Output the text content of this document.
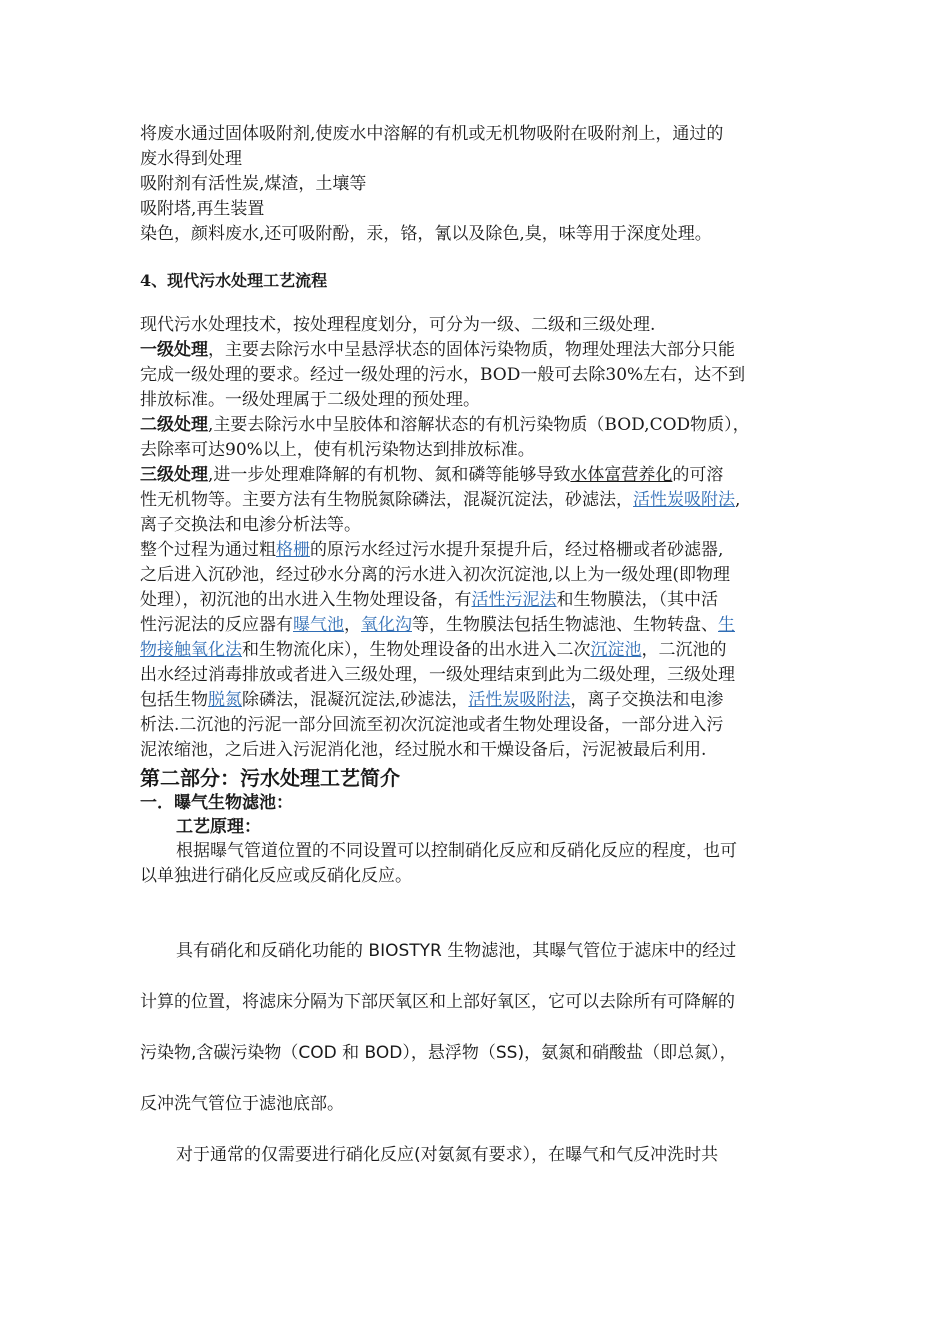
将废水通过固体吸附剂,使废水中溶解的有机或无机物吸附在吸附剂上，通过的
废水得到处理
吸附剂有活性炭,煤渣，土壤等
吸附塔,再生装置
染色，颜料废水,还可吸附酚，汞，铬，氰以及除色,臭，味等用于深度处理。
4、现代污水处理工艺流程
现代污水处理技术，按处理程度划分，可分为一级、二级和三级处理.
一级处理，主要去除污水中呈悬浮状态的固体污染物质，物理处理法大部分只能
完成一级处理的要求。经过一级处理的污水，BOD一般可去除30%左右，达不到
排放标准。一级处理属于二级处理的预处理。
二级处理,主要去除污水中呈胶体和溶解状态的有机污染物质（BOD,COD物质），
去除率可达90%以上，使有机污染物达到排放标准。
三级处理,进一步处理难降解的有机物、氮和磷等能够导致水体富营养化的可溶
性无机物等。主要方法有生物脱氮除磷法，混凝沉淀法，砂滤法，活性炭吸附法,
离子交换法和电渗分析法等。
整个过程为通过粗格栅的原污水经过污水提升泵提升后，经过格栅或者砂滤器,
之后进入沉砂池，经过砂水分离的污水进入初次沉淀池,以上为一级处理(即物理
处理），初沉池的出水进入生物处理设备，有活性污泥法和生物膜法，（其中活
性污泥法的反应器有曝气池，氧化沟等，生物膜法包括生物滤池、生物转盘、生
物接触氧化法和生物流化床），生物处理设备的出水进入二次沉淀池，二沉池的
出水经过消毒排放或者进入三级处理，一级处理结束到此为二级处理，三级处理
包括生物脱氮除磷法，混凝沉淀法,砂滤法，活性炭吸附法，离子交换法和电渗
析法.二沉池的污泥一部分回流至初次沉淀池或者生物处理设备，一部分进入污
泥浓缩池，之后进入污泥消化池，经过脱水和干燥设备后，污泥被最后利用.
第二部分：污水处理工艺简介
一．曝气生物滤池：
工艺原理：
根据曝气管道位置的不同设置可以控制硝化反应和反硝化反应的程度，也可
以单独进行硝化反应或反硝化反应。
具有硝化和反硝化功能的 BIOSTYR 生物滤池，其曝气管位于滤床中的经过
计算的位置，将滤床分隔为下部厌氧区和上部好氧区，它可以去除所有可降解的
污染物,含碳污染物（COD 和 BOD），悬浮物（SS)，氨氮和硝酸盐（即总氮），
反冲洗气管位于滤池底部。
对于通常的仅需要进行硝化反应(对氨氮有要求），在曝气和气反冲洗时共
